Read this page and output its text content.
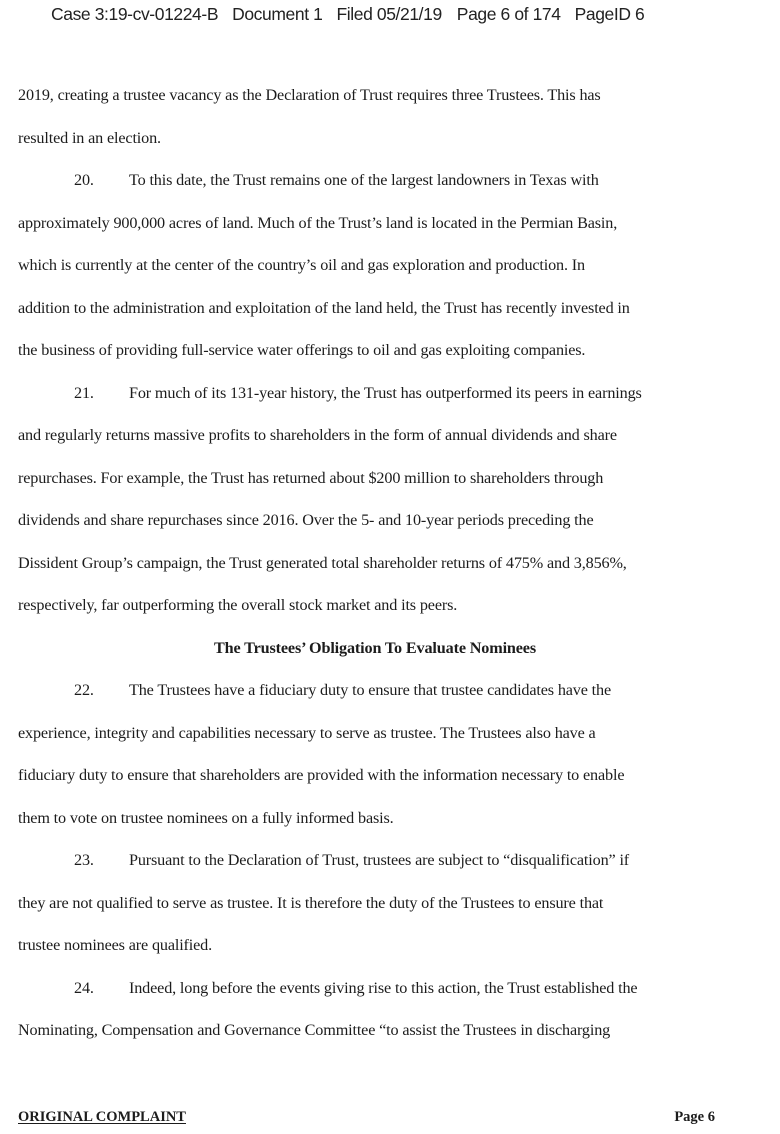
Case 3:19-cv-01224-B Document 1 Filed 05/21/19 Page 6 of 174 PageID 6
2019, creating a trustee vacancy as the Declaration of Trust requires three Trustees. This has
resulted in an election.
20. To this date, the Trust remains one of the largest landowners in Texas with
approximately 900,000 acres of land. Much of the Trust’s land is located in the Permian Basin,
which is currently at the center of the country’s oil and gas exploration and production. In
addition to the administration and exploitation of the land held, the Trust has recently invested in
the business of providing full-service water offerings to oil and gas exploiting companies.
21. For much of its 131-year history, the Trust has outperformed its peers in earnings
and regularly returns massive profits to shareholders in the form of annual dividends and share
repurchases. For example, the Trust has returned about $200 million to shareholders through
dividends and share repurchases since 2016. Over the 5- and 10-year periods preceding the
Dissident Group’s campaign, the Trust generated total shareholder returns of 475% and 3,856%,
respectively, far outperforming the overall stock market and its peers.
The Trustees’ Obligation To Evaluate Nominees
22. The Trustees have a fiduciary duty to ensure that trustee candidates have the
experience, integrity and capabilities necessary to serve as trustee. The Trustees also have a
fiduciary duty to ensure that shareholders are provided with the information necessary to enable
them to vote on trustee nominees on a fully informed basis.
23. Pursuant to the Declaration of Trust, trustees are subject to “disqualification” if
they are not qualified to serve as trustee. It is therefore the duty of the Trustees to ensure that
trustee nominees are qualified.
24. Indeed, long before the events giving rise to this action, the Trust established the
Nominating, Compensation and Governance Committee “to assist the Trustees in discharging
ORIGINAL COMPLAINT	Page 6
